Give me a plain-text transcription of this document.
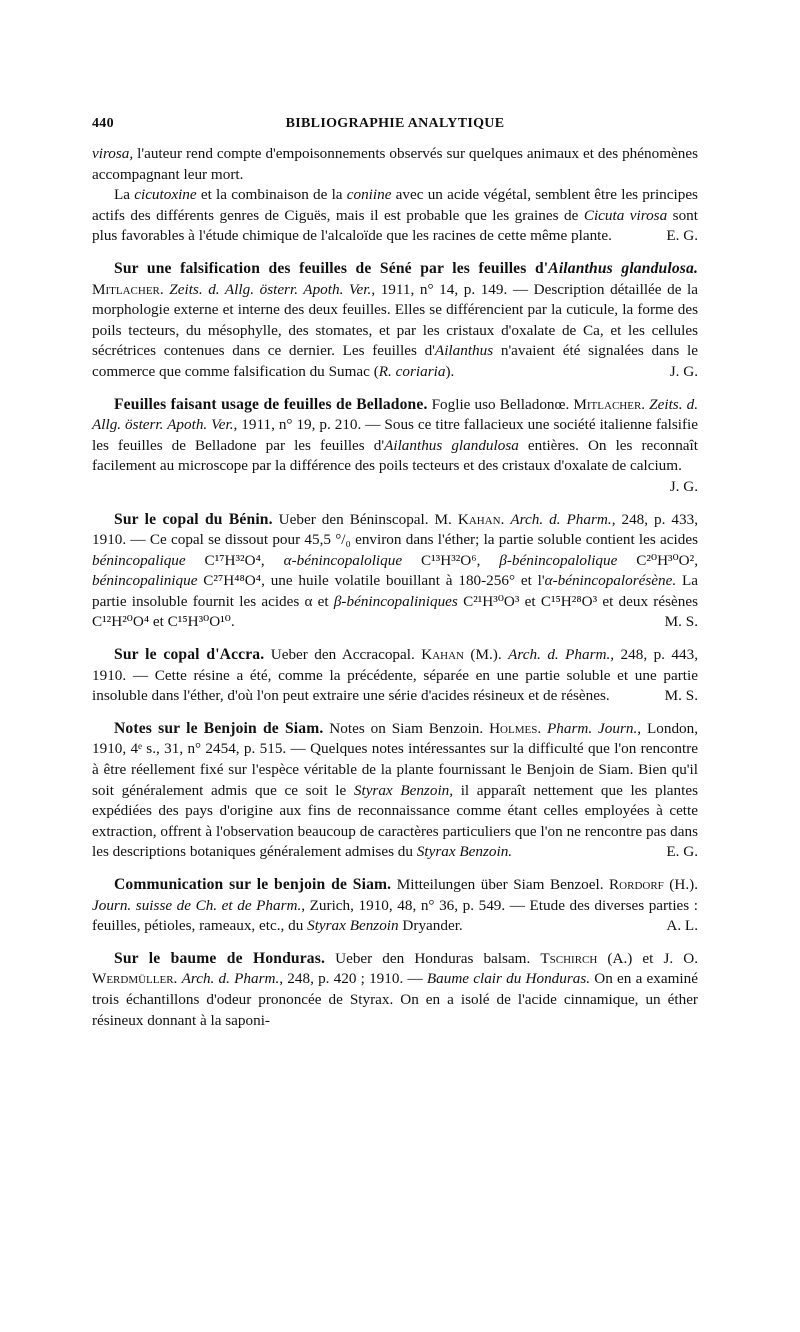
440	BIBLIOGRAPHIE ANALYTIQUE

virosa, l'auteur rend compte d'empoisonnements observés sur quelques animaux et des phénomènes accompagnant leur mort.

La cicutoxine et la combinaison de la coniine avec un acide végétal, semblent être les principes actifs des différents genres de Ciguës, mais il est probable que les graines de Cicuta virosa sont plus favorables à l'étude chimique de l'alcaloïde que les racines de cette même plante.	E. G.

Sur une falsification des feuilles de Séné par les feuilles d'Ailanthus glandulosa. Mitlacher. Zeits. d. Allg. österr. Apoth. Ver., 1911, n° 14, p. 149. — Description détaillée de la morphologie externe et interne des deux feuilles. Elles se différencient par la cuticule, la forme des poils tecteurs, du mésophylle, des stomates, et par les cristaux d'oxalate de Ca, et les cellules sécrétrices contenues dans ce dernier. Les feuilles d'Ailanthus n'avaient été signalées dans le commerce que comme falsification du Sumac (R. coriaria).	J. G.

Feuilles faisant usage de feuilles de Belladone. Foglie uso Belladonœ. Mitlacher. Zeits. d. Allg. österr. Apoth. Ver., 1911, n° 19, p. 210. — Sous ce titre fallacieux une société italienne falsifie les feuilles de Belladone par les feuilles d'Ailanthus glandulosa entières. On les reconnaît facilement au microscope par la différence des poils tecteurs et des cristaux d'oxalate de calcium.
J. G.

Sur le copal du Bénin. Ueber den Béninscopal. M. Kahan. Arch. d. Pharm., 248, p. 433, 1910. — Ce copal se dissout pour 45,5 °/₀ environ dans l'éther; la partie soluble contient les acides bénincopalique C¹⁷H³²O⁴, α-bénincopalolique C¹³H³²O⁶, β-bénincopalolique C²⁰H³⁰O², bénincopalinique C²⁷H⁴⁸O⁴, une huile volatile bouillant à 180-256° et l'α-bénincopalorésène. La partie insoluble fournit les acides α et β-bénincopaliniques C²¹H³⁰O³ et C¹⁵H²⁸O³ et deux résènes C¹²H²⁰O⁴ et C¹⁵H³⁰O¹⁰.	M. S.

Sur le copal d'Accra. Ueber den Accracopal. Kahan (M.). Arch. d. Pharm., 248, p. 443, 1910. — Cette résine a été, comme la précédente, séparée en une partie soluble et une partie insoluble dans l'éther, d'où l'on peut extraire une série d'acides résineux et de résènes.	M. S.

Notes sur le Benjoin de Siam. Notes on Siam Benzoin. Holmes. Pharm. Journ., London, 1910, 4ᵉ s., 31, n° 2454, p. 515. — Quelques notes intéressantes sur la difficulté que l'on rencontre à être réellement fixé sur l'espèce véritable de la plante fournissant le Benjoin de Siam. Bien qu'il soit généralement admis que ce soit le Styrax Benzoin, il apparaît nettement que les plantes expédiées des pays d'origine aux fins de reconnaissance comme étant celles employées à cette extraction, offrent à l'observation beaucoup de caractères particuliers que l'on ne rencontre pas dans les descriptions botaniques généralement admises du Styrax Benzoin.	E. G.

Communication sur le benjoin de Siam. Mitteilungen über Siam Benzoel. Rordorf (H.). Journ. suisse de Ch. et de Pharm., Zurich, 1910, 48, n° 36, p. 549. — Etude des diverses parties : feuilles, pétioles, rameaux, etc., du Styrax Benzoin Dryander.	A. L.

Sur le baume de Honduras. Ueber den Honduras balsam. Tschirch (A.) et J. O. Werdmüller. Arch. d. Pharm., 248, p. 420 ; 1910. — Baume clair du Honduras. On en a examiné trois échantillons d'odeur prononcée de Styrax. On en a isolé de l'acide cinnamique, un éther résineux donnant à la saponi-
